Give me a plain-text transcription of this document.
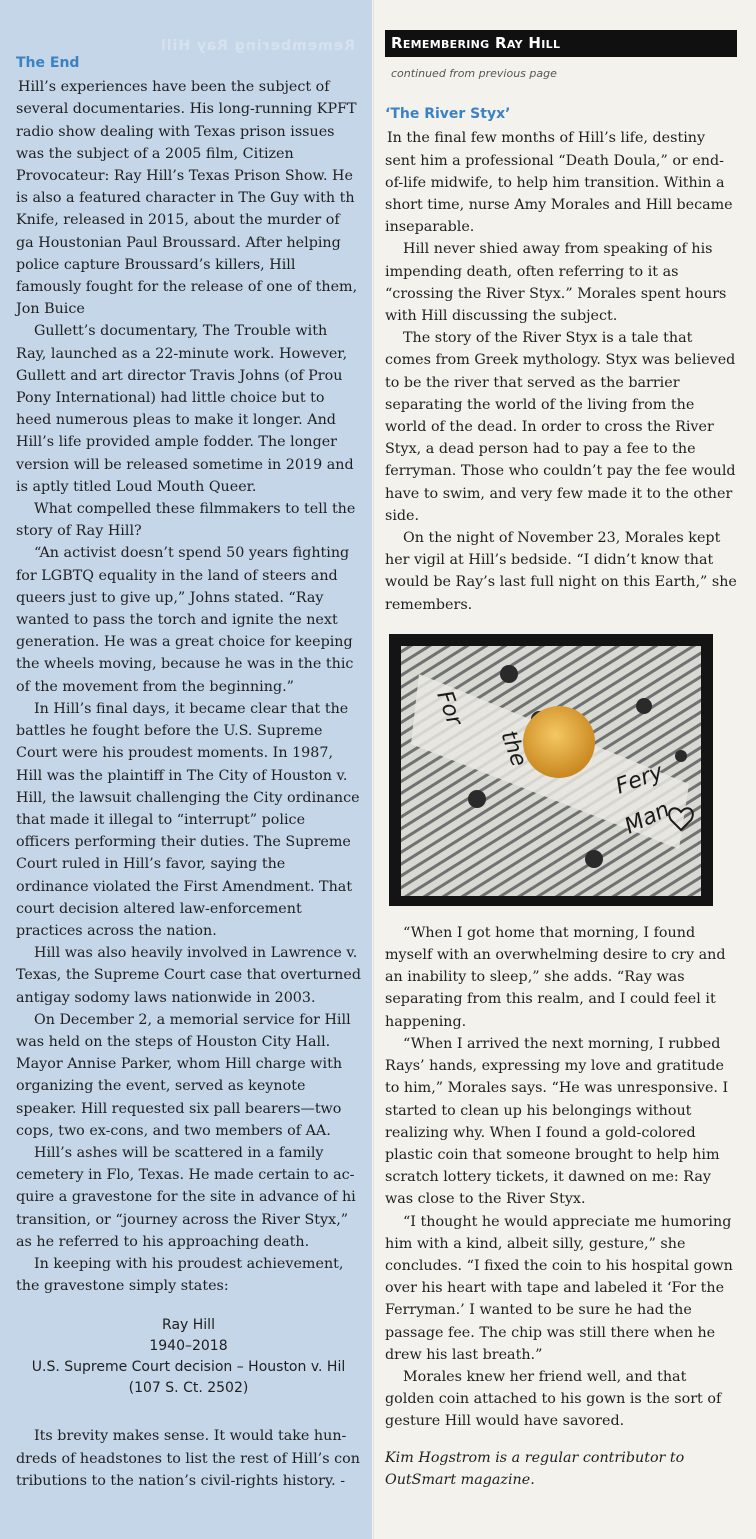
Remembering Ray Hill
The End

Hill’s experiences have been the subject of several documentaries. His long-running KPFT radio show dealing with Texas prison issues was the subject of a 2005 film, Citizen Provocateur: Ray Hill’s Texas Prison Show. He is also a featured character in The Guy with th Knife, released in 2015, about the murder of ga Houstonian Paul Broussard. After helping police capture Broussard’s killers, Hill famously fought for the release of one of them, Jon Buice

Gullett’s documentary, The Trouble with Ray, launched as a 22-minute work. However, Gullett and art director Travis Johns (of Prou Pony International) had little choice but to heed numerous pleas to make it longer. And Hill’s life provided ample fodder. The longer version will be released sometime in 2019 and is aptly titled Loud Mouth Queer.

What compelled these filmmakers to tell the story of Ray Hill?

“An activist doesn’t spend 50 years fighting for LGBTQ equality in the land of steers and queers just to give up,” Johns stated. “Ray wanted to pass the torch and ignite the next generation. He was a great choice for keeping the wheels moving, because he was in the thic of the movement from the beginning.”

In Hill’s final days, it became clear that the battles he fought before the U.S. Supreme Court were his proudest moments. In 1987, Hill was the plaintiff in The City of Houston v. Hill, the lawsuit challenging the City ordinance that made it illegal to “interrupt” police officers performing their duties. The Supreme Court ruled in Hill’s favor, saying the ordinance violated the First Amendment. That court decision altered law-enforcement practices across the nation.

Hill was also heavily involved in Lawrence v. Texas, the Supreme Court case that overturned antigay sodomy laws nationwide in 2003.

On December 2, a memorial service for Hill was held on the steps of Houston City Hall. Mayor Annise Parker, whom Hill charge with organizing the event, served as keynote speaker. Hill requested six pall bearers—two cops, two ex-cons, and two members of AA.

Hill’s ashes will be scattered in a family cemetery in Flo, Texas. He made certain to acquire a gravestone for the site in advance of hi transition, or “journey across the River Styx,” as he referred to his approaching death.

In keeping with his proudest achievement, the gravestone simply states:

Ray Hill
1940–2018
U.S. Supreme Court decision – Houston v. Hil
(107 S. Ct. 2502)

Its brevity makes sense. It would take hundreds of headstones to list the rest of Hill’s con tributions to the nation’s civil-rights history. -

Remembering Ray Hill
continued from previous page
‘The River Styx’

In the final few months of Hill’s life, destiny sent him a professional “Death Doula,” or end-of-life midwife, to help him transition. Within a short time, nurse Amy Morales and Hill became inseparable.

Hill never shied away from speaking of his impending death, often referring to it as “crossing the River Styx.” Morales spent hours with Hill discussing the subject.

The story of the River Styx is a tale that comes from Greek mythology. Styx was believed to be the river that served as the barrier separating the world of the living from the world of the dead. In order to cross the River Styx, a dead person had to pay a fee to the ferryman. Those who couldn’t pay the fee would have to swim, and very few made it to the other side.

On the night of November 23, Morales kept her vigil at Hill’s bedside. “I didn’t know that would be Ray’s last full night on this Earth,” she remembers.

For
the
Fery
Man

“When I got home that morning, I found myself with an overwhelming desire to cry and an inability to sleep,” she adds. “Ray was separating from this realm, and I could feel it happening.

“When I arrived the next morning, I rubbed Rays’ hands, expressing my love and gratitude to him,” Morales says. “He was unresponsive. I started to clean up his belongings without realizing why. When I found a gold-colored plastic coin that someone brought to help him scratch lottery tickets, it dawned on me: Ray was close to the River Styx.

“I thought he would appreciate me humoring him with a kind, albeit silly, gesture,” she concludes. “I fixed the coin to his hospital gown over his heart with tape and labeled it ‘For the Ferryman.’ I wanted to be sure he had the passage fee. The chip was still there when he drew his last breath.”

Morales knew her friend well, and that golden coin attached to his gown is the sort of gesture Hill would have savored.

Kim Hogstrom is a regular contributor to OutSmart magazine.
